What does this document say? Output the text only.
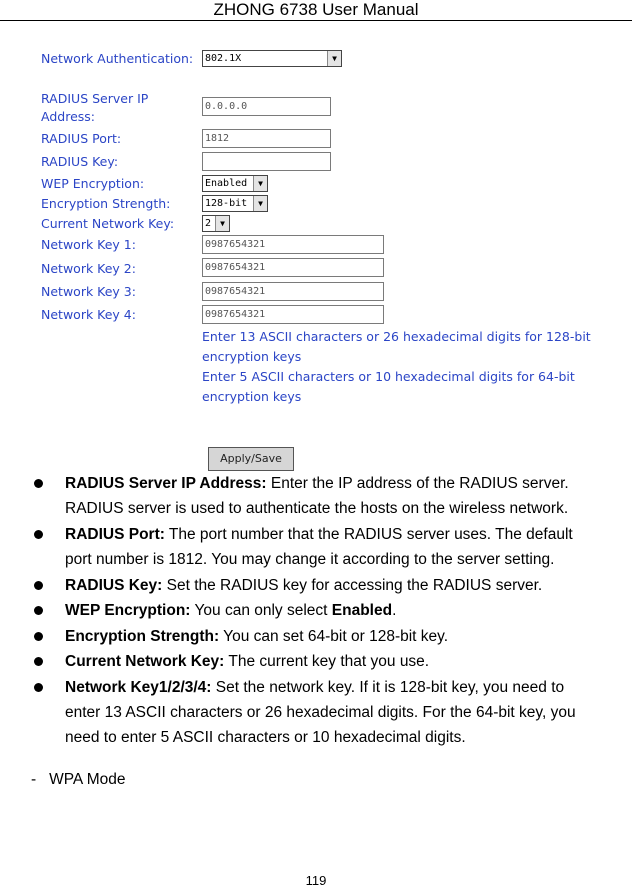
ZHONG 6738 User Manual
Network Authentication:	802.1X	▼
RADIUS Server IP
Address:
0.0.0.0
RADIUS Port:	1812
RADIUS Key:
WEP Encryption:	Enabled	▼
Encryption Strength:	128-bit	▼
Current Network Key:	2	▼
Network Key 1:	0987654321
Network Key 2:	0987654321
Network Key 3:	0987654321
Network Key 4:	0987654321
Enter 13 ASCII characters or 26 hexadecimal digits for 128-bit
encryption keys
Enter 5 ASCII characters or 10 hexadecimal digits for 64-bit
encryption keys
Apply/Save
RADIUS Server IP Address: Enter the IP address of the RADIUS server.
RADIUS server is used to authenticate the hosts on the wireless network.
RADIUS Port: The port number that the RADIUS server uses. The default
port number is 1812. You may change it according to the server setting.
RADIUS Key: Set the RADIUS key for accessing the RADIUS server.
WEP Encryption: You can only select Enabled.
Encryption Strength: You can set 64-bit or 128-bit key.
Current Network Key: The current key that you use.
Network Key1/2/3/4: Set the network key. If it is 128-bit key, you need to
enter 13 ASCII characters or 26 hexadecimal digits. For the 64-bit key, you
need to enter 5 ASCII characters or 10 hexadecimal digits.
-   WPA Mode
119
